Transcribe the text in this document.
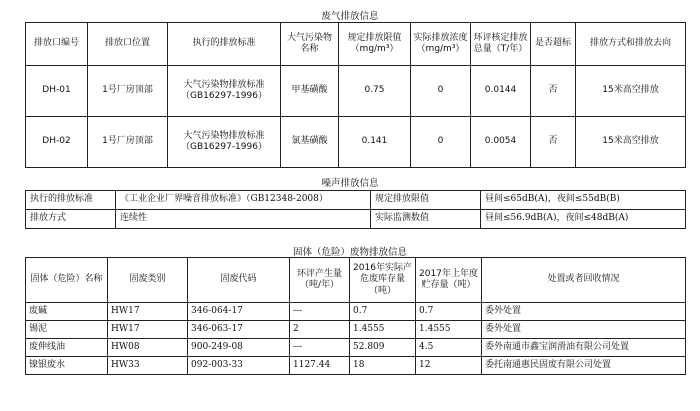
废气排放信息
排放口编号	排放口位置	执行的排放标准	大气污染物名称	规定排放限值（mg/m³）	实际排放浓度（mg/m³）	环评核定排放总量（T/年）	是否超标	排放方式和排放去向
DH-01	1号厂房顶部	大气污染物排放标准（GB16297-1996）	甲基磺酸	0.75	0	0.0144	否	15米高空排放
DH-02	1号厂房顶部	大气污染物排放标准（GB16297-1996）	氯基磺酸	0.141	0	0.0054	否	15米高空排放
噪声排放信息
执行的排放标准	《工业企业厂界噪音排放标准》（GB12348-2008）	规定排放限值	昼间≤65dB(A)，夜间≤55dB(B)
排放方式	连续性	实际监测数值	昼间≤56.9dB(A)，夜间≤48dB(A)
固体（危险）废物排放信息
固体（危险）名称	固废类别	固废代码	环评产生量（吨/年）	2016年实际产危废库存量（吨）	2017年上年度贮存量（吨）	处置或者回收情况
废碱	HW17	346-064-17	---	0.7	0.7	委外处置
锡泥	HW17	346-063-17	2	1.4555	1.4555	委外处置
废伸线油	HW08	900-249-08	---	52.809	4.5	委外南通市鑫宝润滑油有限公司处置
镍银废水	HW33	092-003-33	1127.44	18	12	委托南通惠民固废有限公司处置
